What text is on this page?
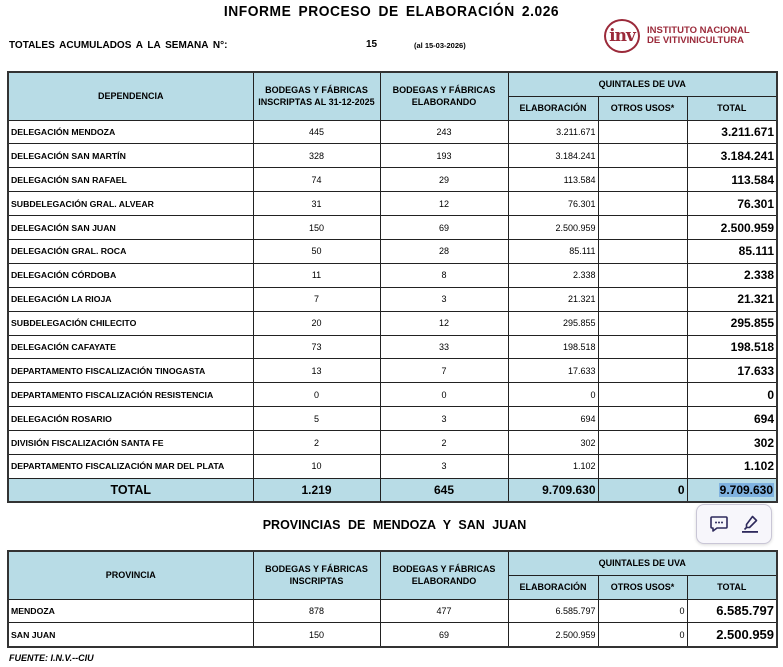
INFORME PROCESO DE ELABORACIÓN 2.026
TOTALES ACUMULADOS A LA SEMANA N°:	15	(al 15-03-2026)	inv	INSTITUTO NACIONAL
DE VITIVINICULTURA
DEPENDENCIA	BODEGAS Y FÁBRICAS INSCRIPTAS AL 31-12-2025	BODEGAS Y FÁBRICAS ELABORANDO	QUINTALES DE UVA		
			ELABORACIÓN	OTROS USOS*	TOTAL
DELEGACIÓN MENDOZA	445	243	3.211.671		3.211.671
DELEGACIÓN SAN MARTÍN	328	193	3.184.241		3.184.241
DELEGACIÓN SAN RAFAEL	74	29	113.584		113.584
SUBDELEGACIÓN GRAL. ALVEAR	31	12	76.301		76.301
DELEGACIÓN SAN JUAN	150	69	2.500.959		2.500.959
DELEGACIÓN GRAL. ROCA	50	28	85.111		85.111
DELEGACIÓN CÓRDOBA	11	8	2.338		2.338
DELEGACIÓN LA RIOJA	7	3	21.321		21.321
SUBDELEGACIÓN CHILECITO	20	12	295.855		295.855
DELEGACIÓN CAFAYATE	73	33	198.518		198.518
DEPARTAMENTO FISCALIZACIÓN TINOGASTA	13	7	17.633		17.633
DEPARTAMENTO FISCALIZACIÓN RESISTENCIA	0	0	0		0
DELEGACIÓN ROSARIO	5	3	694		694
DIVISIÓN FISCALIZACIÓN SANTA FE	2	2	302		302
DEPARTAMENTO FISCALIZACIÓN MAR DEL PLATA	10	3	1.102		1.102
TOTAL	1.219	645	9.709.630	0	9.709.630
PROVINCIAS DE MENDOZA Y SAN JUAN
PROVINCIA	BODEGAS Y FÁBRICAS INSCRIPTAS	BODEGAS Y FÁBRICAS ELABORANDO	QUINTALES DE UVA		
			ELABORACIÓN	OTROS USOS*	TOTAL
MENDOZA	878	477	6.585.797	0	6.585.797
SAN JUAN	150	69	2.500.959	0	2.500.959
FUENTE: I.N.V.--CIU
